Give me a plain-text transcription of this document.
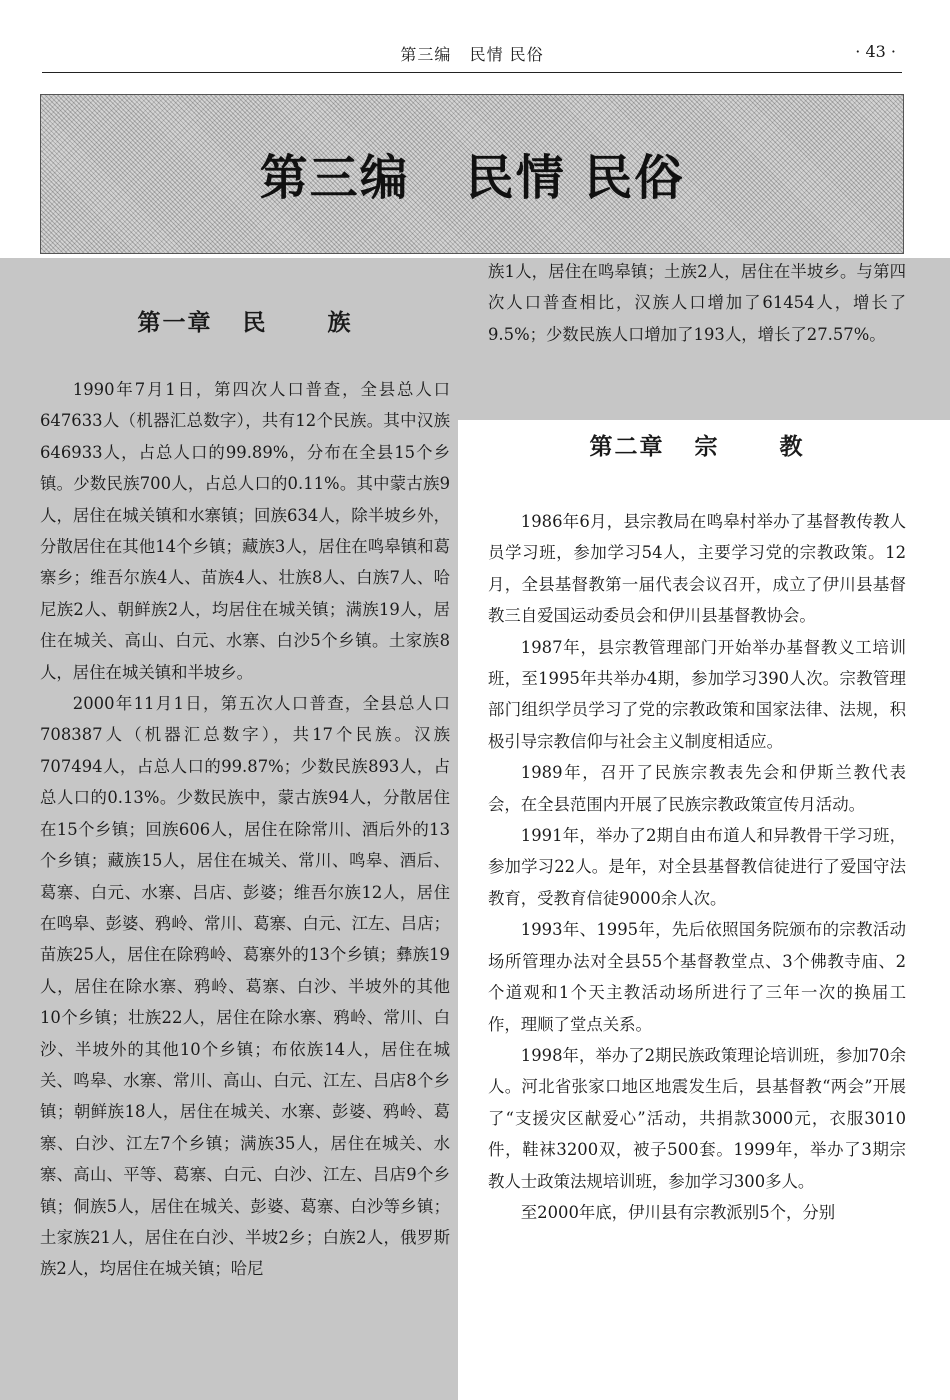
第三编   民情 民俗	· 43 ·
第三编   民情 民俗
第一章   民      族

1990年7月1日，第四次人口普查，全县总人口647633人（机器汇总数字），共有12个民族。其中汉族646933人，占总人口的99.89%，分布在全县15个乡镇。少数民族700人，占总人口的0.11%。其中蒙古族9人，居住在城关镇和水寨镇；回族634人，除半坡乡外，分散居住在其他14个乡镇；藏族3人，居住在鸣皋镇和葛寨乡；维吾尔族4人、苗族4人、壮族8人、白族7人、哈尼族2人、朝鲜族2人，均居住在城关镇；满族19人，居住在城关、高山、白元、水寨、白沙5个乡镇。土家族8人，居住在城关镇和半坡乡。

2000年11月1日，第五次人口普查，全县总人口708387人（机器汇总数字），共17个民族。汉族707494人，占总人口的99.87%；少数民族893人，占总人口的0.13%。少数民族中，蒙古族94人，分散居住在15个乡镇；回族606人，居住在除常川、酒后外的13个乡镇；藏族15人，居住在城关、常川、鸣皋、酒后、葛寨、白元、水寨、吕店、彭婆；维吾尔族12人，居住在鸣皋、彭婆、鸦岭、常川、葛寨、白元、江左、吕店；苗族25人，居住在除鸦岭、葛寨外的13个乡镇；彝族19人，居住在除水寨、鸦岭、葛寨、白沙、半坡外的其他10个乡镇；壮族22人，居住在除水寨、鸦岭、常川、白沙、半坡外的其他10个乡镇；布依族14人，居住在城关、鸣皋、水寨、常川、高山、白元、江左、吕店8个乡镇；朝鲜族18人，居住在城关、水寨、彭婆、鸦岭、葛寨、白沙、江左7个乡镇；满族35人，居住在城关、水寨、高山、平等、葛寨、白元、白沙、江左、吕店9个乡镇；侗族5人，居住在城关、彭婆、葛寨、白沙等乡镇；土家族21人，居住在白沙、半坡2乡；白族2人，俄罗斯族2人，均居住在城关镇；哈尼

族1人，居住在鸣皋镇；土族2人，居住在半坡乡。与第四次人口普查相比，汉族人口增加了61454人，增长了9.5%；少数民族人口增加了193人，增长了27.57%。

第二章   宗      教

1986年6月，县宗教局在鸣皋村举办了基督教传教人员学习班，参加学习54人，主要学习党的宗教政策。12月，全县基督教第一届代表会议召开，成立了伊川县基督教三自爱国运动委员会和伊川县基督教协会。

1987年，县宗教管理部门开始举办基督教义工培训班，至1995年共举办4期，参加学习390人次。宗教管理部门组织学员学习了党的宗教政策和国家法律、法规，积极引导宗教信仰与社会主义制度相适应。

1989年，召开了民族宗教表先会和伊斯兰教代表会，在全县范围内开展了民族宗教政策宣传月活动。

1991年，举办了2期自由布道人和异教骨干学习班，参加学习22人。是年，对全县基督教信徒进行了爱国守法教育，受教育信徒9000余人次。

1993年、1995年，先后依照国务院颁布的宗教活动场所管理办法对全县55个基督教堂点、3个佛教寺庙、2个道观和1个天主教活动场所进行了三年一次的换届工作，理顺了堂点关系。

1998年，举办了2期民族政策理论培训班，参加70余人。河北省张家口地区地震发生后，县基督教“两会”开展了“支援灾区献爱心”活动，共捐款3000元，衣服3010件，鞋袜3200双，被子500套。1999年，举办了3期宗教人士政策法规培训班，参加学习300多人。

至2000年底，伊川县有宗教派别5个，分别
